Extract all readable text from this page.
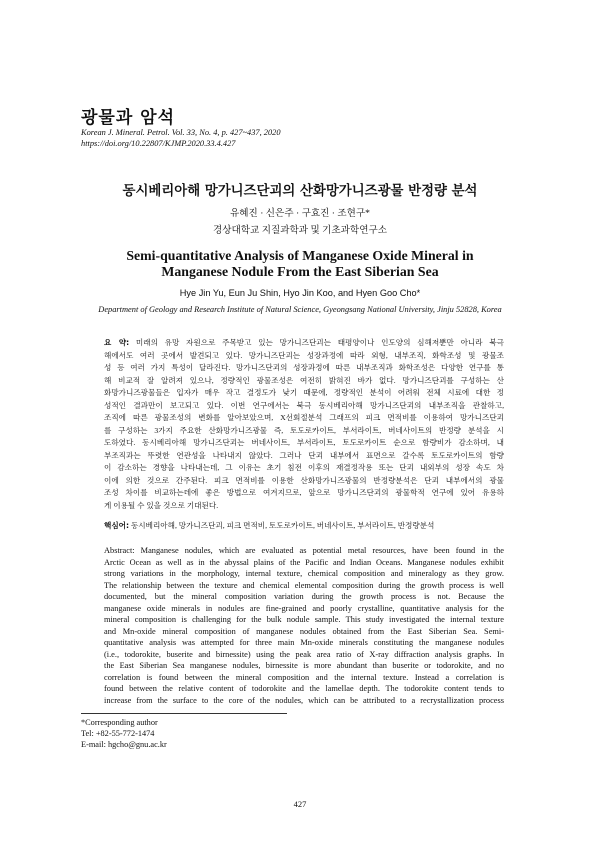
광물과 암석
Korean J. Mineral. Petrol. Vol. 33, No. 4, p. 427~437, 2020
https://doi.org/10.22807/KJMP.2020.33.4.427
동시베리아해 망가니즈단괴의 산화망가니즈광물 반정량 분석
유혜진 · 신은주 · 구효진 · 조현구*
경상대학교 지질과학과 및 기초과학연구소
Semi-quantitative Analysis of Manganese Oxide Mineral in
Manganese Nodule From the East Siberian Sea
Hye Jin Yu, Eun Ju Shin, Hyo Jin Koo, and Hyen Goo Cho*
Department of Geology and Research Institute of Natural Science, Gyeongsang National University, Jinju 52828, Korea
요 약: 미래의 유망 자원으로 주목받고 있는 망가니즈단괴는 태평양이나 인도양의 심해저뿐만 아니라 북극
해에서도 여러 곳에서 발견되고 있다. 망가니즈단괴는 성장과정에 따라 외형, 내부조직, 화학조성 및 광물조
성 등 여러 가지 특성이 달라진다. 망가니즈단괴의 성장과정에 따른 내부조직과 화학조성은 다양한 연구를 통
해 비교적 잘 알려져 있으나, 정량적인 광물조성은 여전히 밝혀진 바가 없다. 망가니즈단괴를 구성하는 산
화망가니즈광물들은 입자가 매우 작고 결정도가 낮기 때문에, 정량적인 분석이 어려워 전체 시료에 대한 정
성적인 결과만이 보고되고 있다. 이번 연구에서는 북극 동시베리아해 망가니즈단괴의 내부조직을 관찰하고,
조직에 따른 광물조성의 변화를 알아보았으며, X선회절분석 그래프의 피크 면적비를 이용하여 망가니즈단괴
를 구성하는 3가지 주요한 산화망가니즈광물 즉, 토도로카이트, 부서라이트, 버네사이트의 반정량 분석을 시
도하였다. 동시베리아해 망가니즈단괴는 버네사이트, 부서라이트, 토도로카이트 순으로 함량비가 감소하며, 내
부조직과는 뚜렷한 연관성을 나타내지 않았다. 그러나 단괴 내부에서 표면으로 갈수록 토도로카이트의 함량
이 감소하는 경향을 나타내는데, 그 이유는 초기 침전 이후의 재결정작용 또는 단괴 내외부의 성장 속도 차
이에 의한 것으로 간주된다. 피크 면적비를 이용한 산화망가니즈광물의 반정량분석은 단괴 내부에서의 광물
조성 차이를 비교하는데에 좋은 방법으로 여겨지므로, 앞으로 망가니즈단괴의 광물학적 연구에 있어 유용하
게 이용될 수 있을 것으로 기대된다.
핵심어: 동시베리아해, 망가니즈단괴, 피크 면적비, 토도로카이트, 버네사이트, 부서라이트, 반정량분석
Abstract: Manganese nodules, which are evaluated as potential metal resources, have been found in the
Arctic Ocean as well as in the abyssal plains of the Pacific and Indian Oceans. Manganese nodules exhibit
strong variations in the morphology, internal texture, chemical composition and mineralogy as they grow.
The relationship between the texture and chemical elemental composition during the growth process is well
documented, but the mineral composition variation during the growth process is not. Because the
manganese oxide minerals in nodules are fine-grained and poorly crystalline, quantitative analysis for the
mineral composition is challenging for the bulk nodule sample. This study investigated the internal texture
and Mn-oxide mineral composition of manganese nodules obtained from the East Siberian Sea. Semi-
quantitative analysis was attempted for three main Mn-oxide minerals constituting the manganese nodules
(i.e., todorokite, buserite and birnessite) using the peak area ratio of X-ray diffraction analysis graphs. In
the East Siberian Sea manganese nodules, birnessite is more abundant than buserite or todorokite, and no
correlation is found between the mineral composition and the internal texture. Instead a correlation is
found between the relative content of todorokite and the lamellae depth. The todorokite content tends to
increase from the surface to the core of the nodules, which can be attributed to a recrystallization process
*Corresponding author
Tel: +82-55-772-1474
E-mail: hgcho@gnu.ac.kr
427
